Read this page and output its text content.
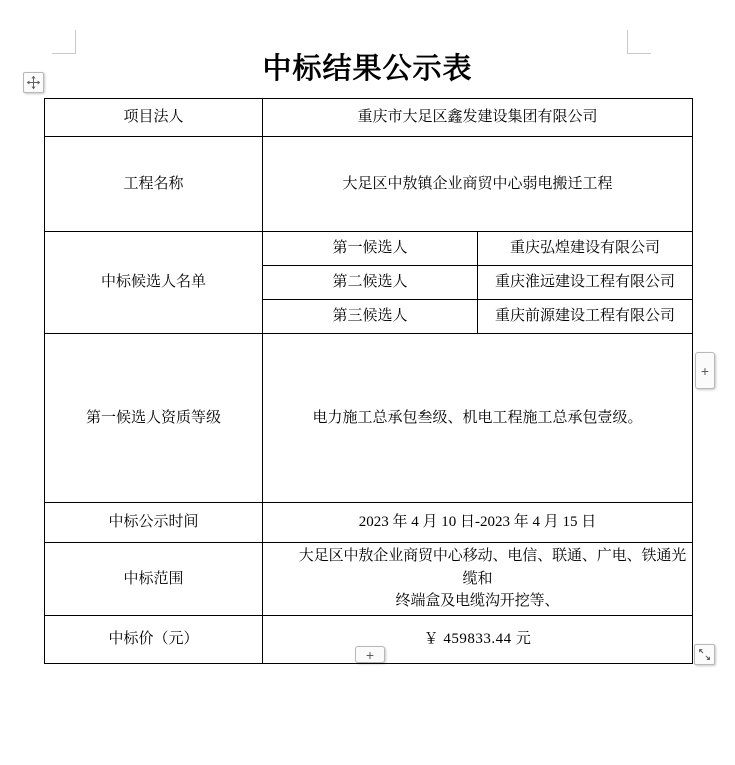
中标结果公示表
项目法人	重庆市大足区鑫发建设集团有限公司	
工程名称	大足区中敖镇企业商贸中心弱电搬迁工程	
中标候选人名单	第一候选人	重庆弘煌建设有限公司
	第二候选人	重庆淮远建设工程有限公司
	第三候选人	重庆前源建设工程有限公司
第一候选人资质等级	电力施工总承包叁级、机电工程施工总承包壹级。	
中标公示时间	2023 年 4 月 10 日-2023 年 4 月 15 日	
中标范围	大足区中敖企业商贸中心移动、电信、联通、广电、铁通光缆和
终端盒及电缆沟开挖等、	

中标价（元）	￥ 459833.44 元	
+
+
